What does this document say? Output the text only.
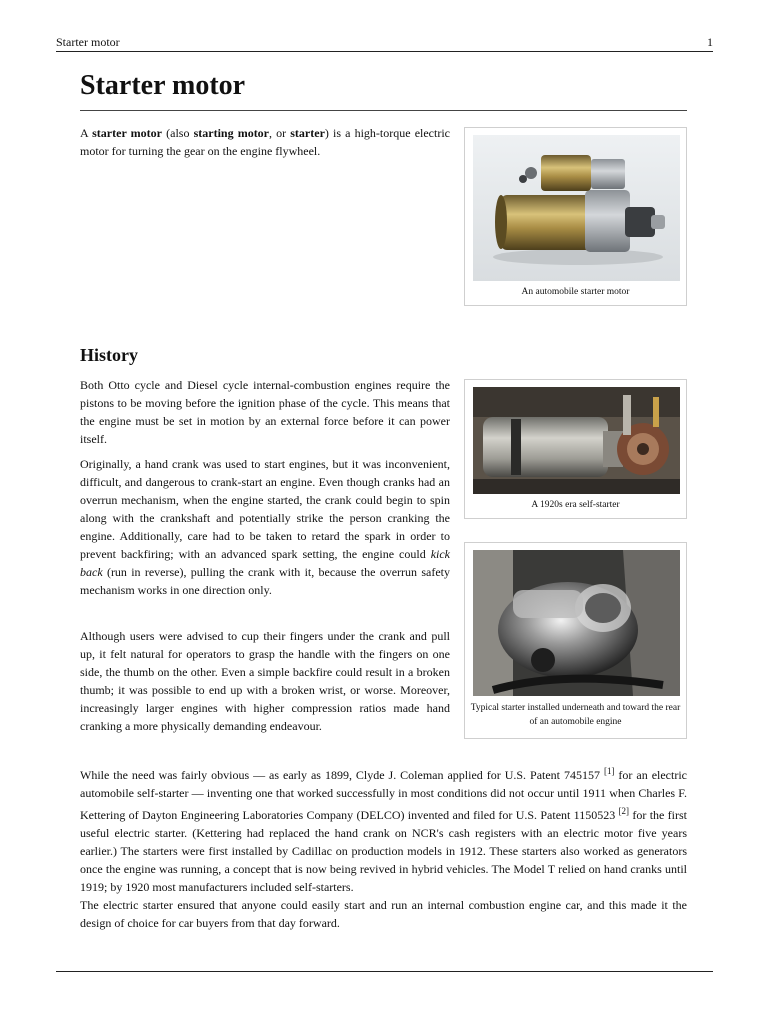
Starter motor	1
Starter motor

A starter motor (also starting motor, or starter) is a high-torque electric motor for turning the gear on the engine flywheel.

An automobile starter motor
History

Both Otto cycle and Diesel cycle internal-combustion engines require the pistons to be moving before the ignition phase of the cycle. This means that the engine must be set in motion by an external force before it can power itself.

Originally, a hand crank was used to start engines, but it was inconvenient, difficult, and dangerous to crank-start an engine. Even though cranks had an overrun mechanism, when the engine started, the crank could begin to spin along with the crankshaft and potentially strike the person cranking the engine. Additionally, care had to be taken to retard the spark in order to prevent backfiring; with an advanced spark setting, the engine could kick back (run in reverse), pulling the crank with it, because the overrun safety mechanism works in one direction only.

Although users were advised to cup their fingers under the crank and pull up, it felt natural for operators to grasp the handle with the fingers on one side, the thumb on the other. Even a simple backfire could result in a broken thumb; it was possible to end up with a broken wrist, or worse. Moreover, increasingly larger engines with higher compression ratios made hand cranking a more physically demanding endeavour.

While the need was fairly obvious — as early as 1899, Clyde J. Coleman applied for U.S. Patent 745157 [1] for an electric automobile self-starter — inventing one that worked successfully in most conditions did not occur until 1911 when Charles F. Kettering of Dayton Engineering Laboratories Company (DELCO) invented and filed for U.S. Patent 1150523 [2] for the first useful electric starter. (Kettering had replaced the hand crank on NCR's cash registers with an electric motor five years earlier.) The starters were first installed by Cadillac on production models in 1912. These starters also worked as generators once the engine was running, a concept that is now being revived in hybrid vehicles. The Model T relied on hand cranks until 1919; by 1920 most manufacturers included self-starters.

The electric starter ensured that anyone could easily start and run an internal combustion engine car, and this made it the design of choice for car buyers from that day forward.

A 1920s era self-starter
Typical starter installed underneath and toward the rear of an automobile engine
